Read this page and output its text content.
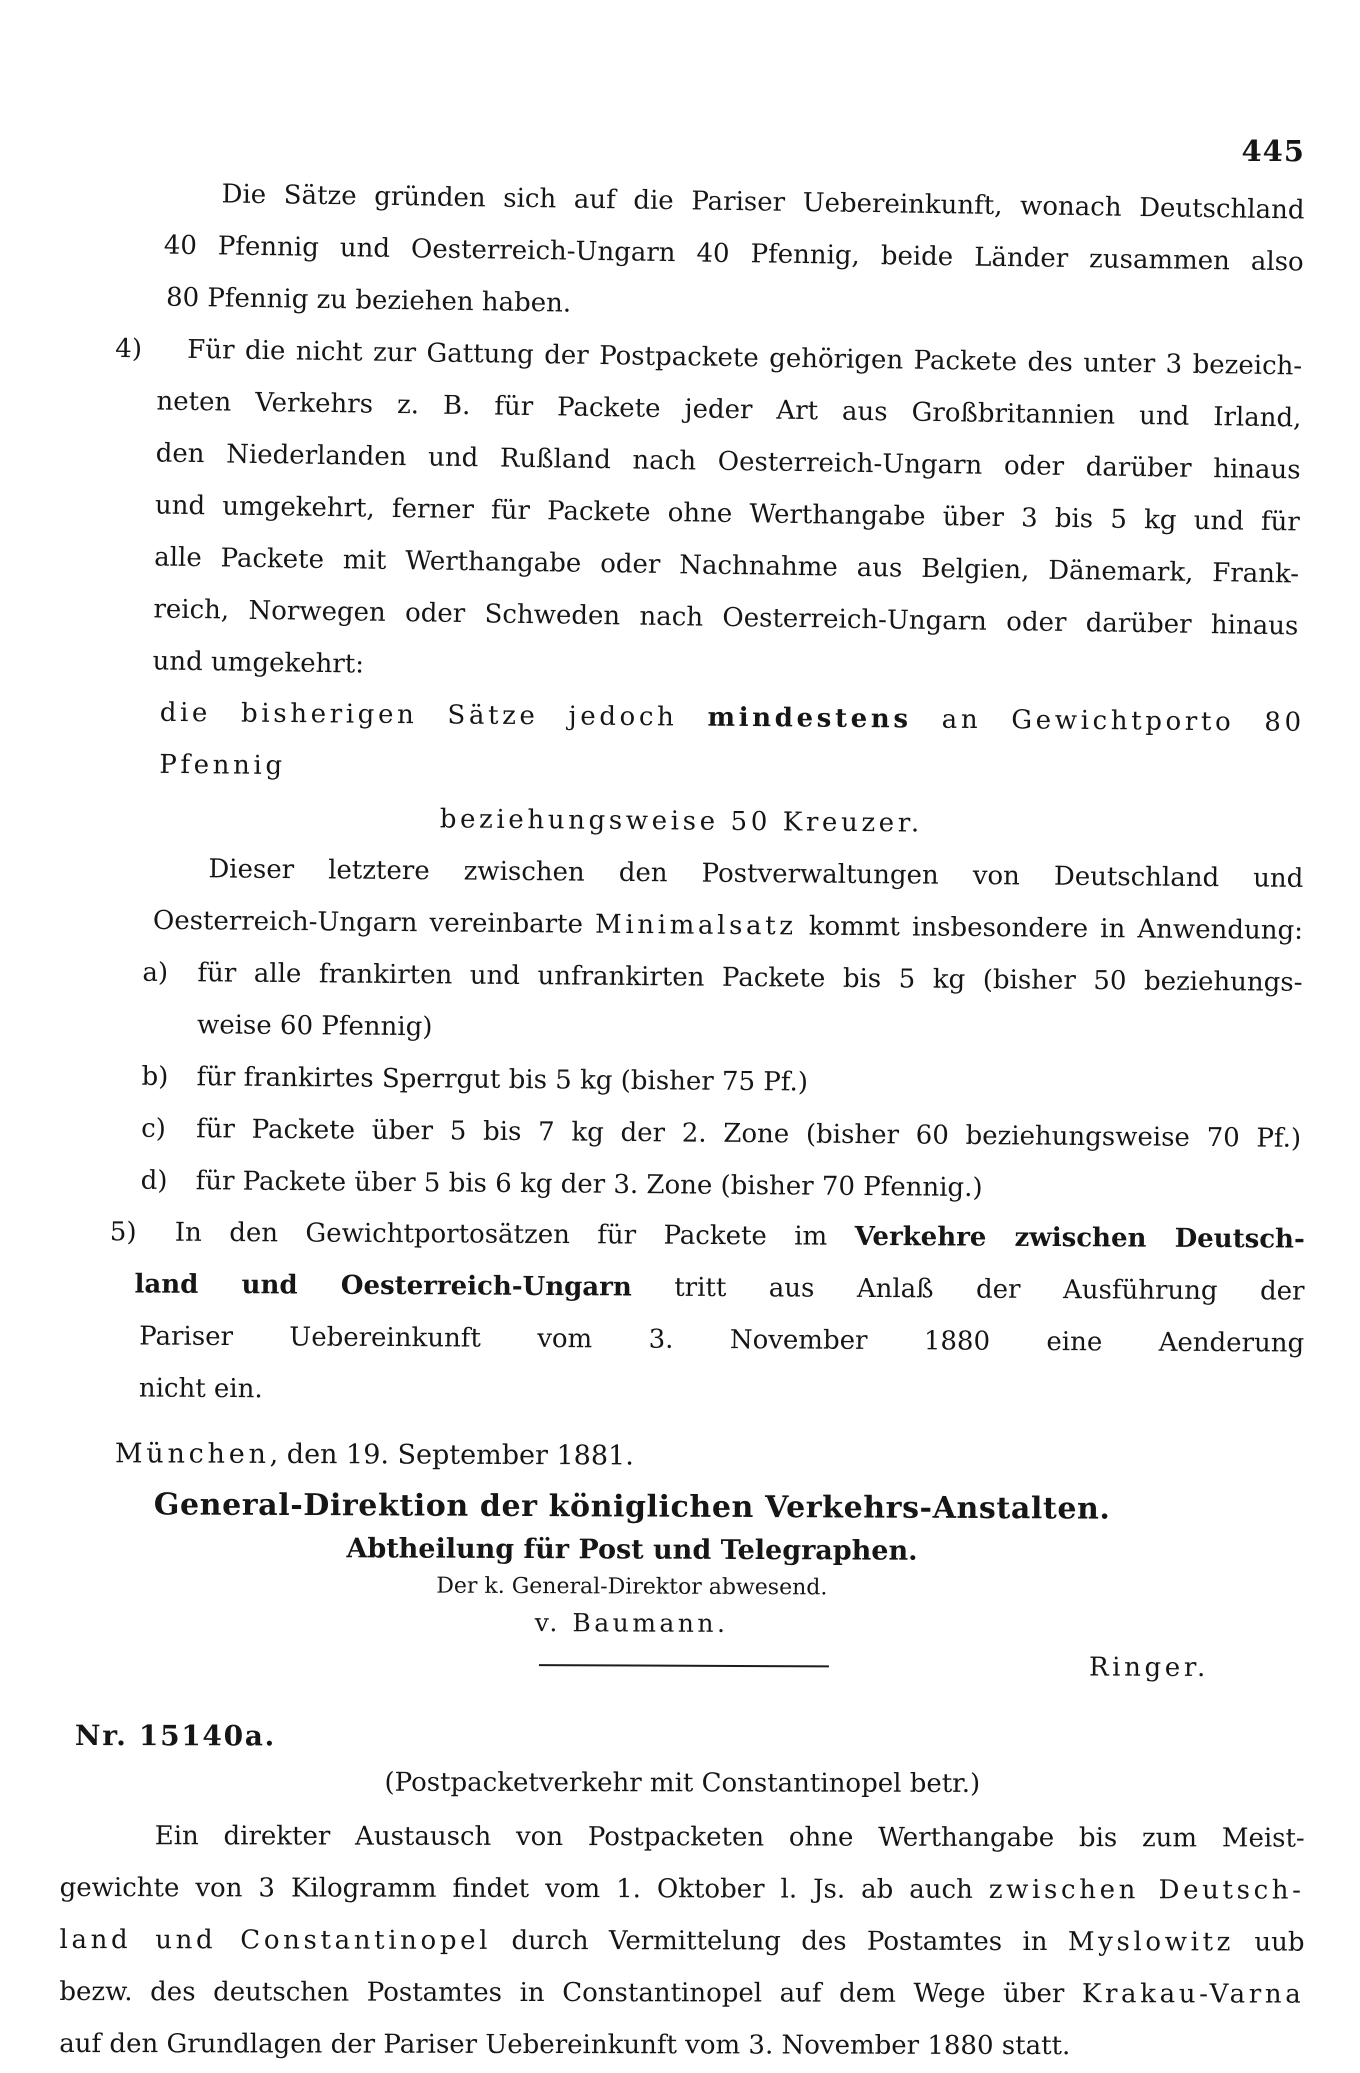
445
Die Sätze gründen sich auf die Pariser Uebereinkunft, wonach Deutschland
40 Pfennig und Oesterreich-Ungarn 40 Pfennig, beide Länder zusammen also
80 Pfennig zu beziehen haben.
4)	Für die nicht zur Gattung der Postpackete gehörigen Packete des unter 3 bezeich-
neten Verkehrs z. B. für Packete jeder Art aus Großbritannien und Irland,
den Niederlanden und Rußland nach Oesterreich-Ungarn oder darüber hinaus
und umgekehrt, ferner für Packete ohne Werthangabe über 3 bis 5 kg und für
alle Packete mit Werthangabe oder Nachnahme aus Belgien, Dänemark, Frank-
reich, Norwegen oder Schweden nach Oesterreich-Ungarn oder darüber hinaus
und umgekehrt:
die bisherigen Sätze jedoch mindestens an Gewichtporto 80 Pfennig
beziehungsweise 50 Kreuzer.
Dieser letztere zwischen den Postverwaltungen von Deutschland und
Oesterreich-Ungarn vereinbarte Minimalsatz kommt insbesondere in Anwendung:
a)	für alle frankirten und unfrankirten Packete bis 5 kg (bisher 50 beziehungs-
weise 60 Pfennig)
b)	für frankirtes Sperrgut bis 5 kg (bisher 75 Pf.)
c)	für Packete über 5 bis 7 kg der 2. Zone (bisher 60 beziehungsweise 70 Pf.)
d)	für Packete über 5 bis 6 kg der 3. Zone (bisher 70 Pfennig.)
5)	In den Gewichtportosätzen für Packete im Verkehre zwischen Deutsch-
land und Oesterreich-Ungarn tritt aus Anlaß der Ausführung der
Pariser Uebereinkunft vom 3. November 1880 eine Aenderung
nicht ein.
München, den 19. September 1881.
General-Direktion der königlichen Verkehrs-Anstalten.
Abtheilung für Post und Telegraphen.
Der k. General-Direktor abwesend.
v. Baumann.
Ringer.
Nr. 15140a.
(Postpacketverkehr mit Constantinopel betr.)
Ein direkter Austausch von Postpacketen ohne Werthangabe bis zum Meist-
gewichte von 3 Kilogramm findet vom 1. Oktober l. Js. ab auch zwischen Deutsch-
land und Constantinopel durch Vermittelung des Postamtes in Myslowitz uub
bezw. des deutschen Postamtes in Constantinopel auf dem Wege über Krakau-Varna
auf den Grundlagen der Pariser Uebereinkunft vom 3. November 1880 statt.
